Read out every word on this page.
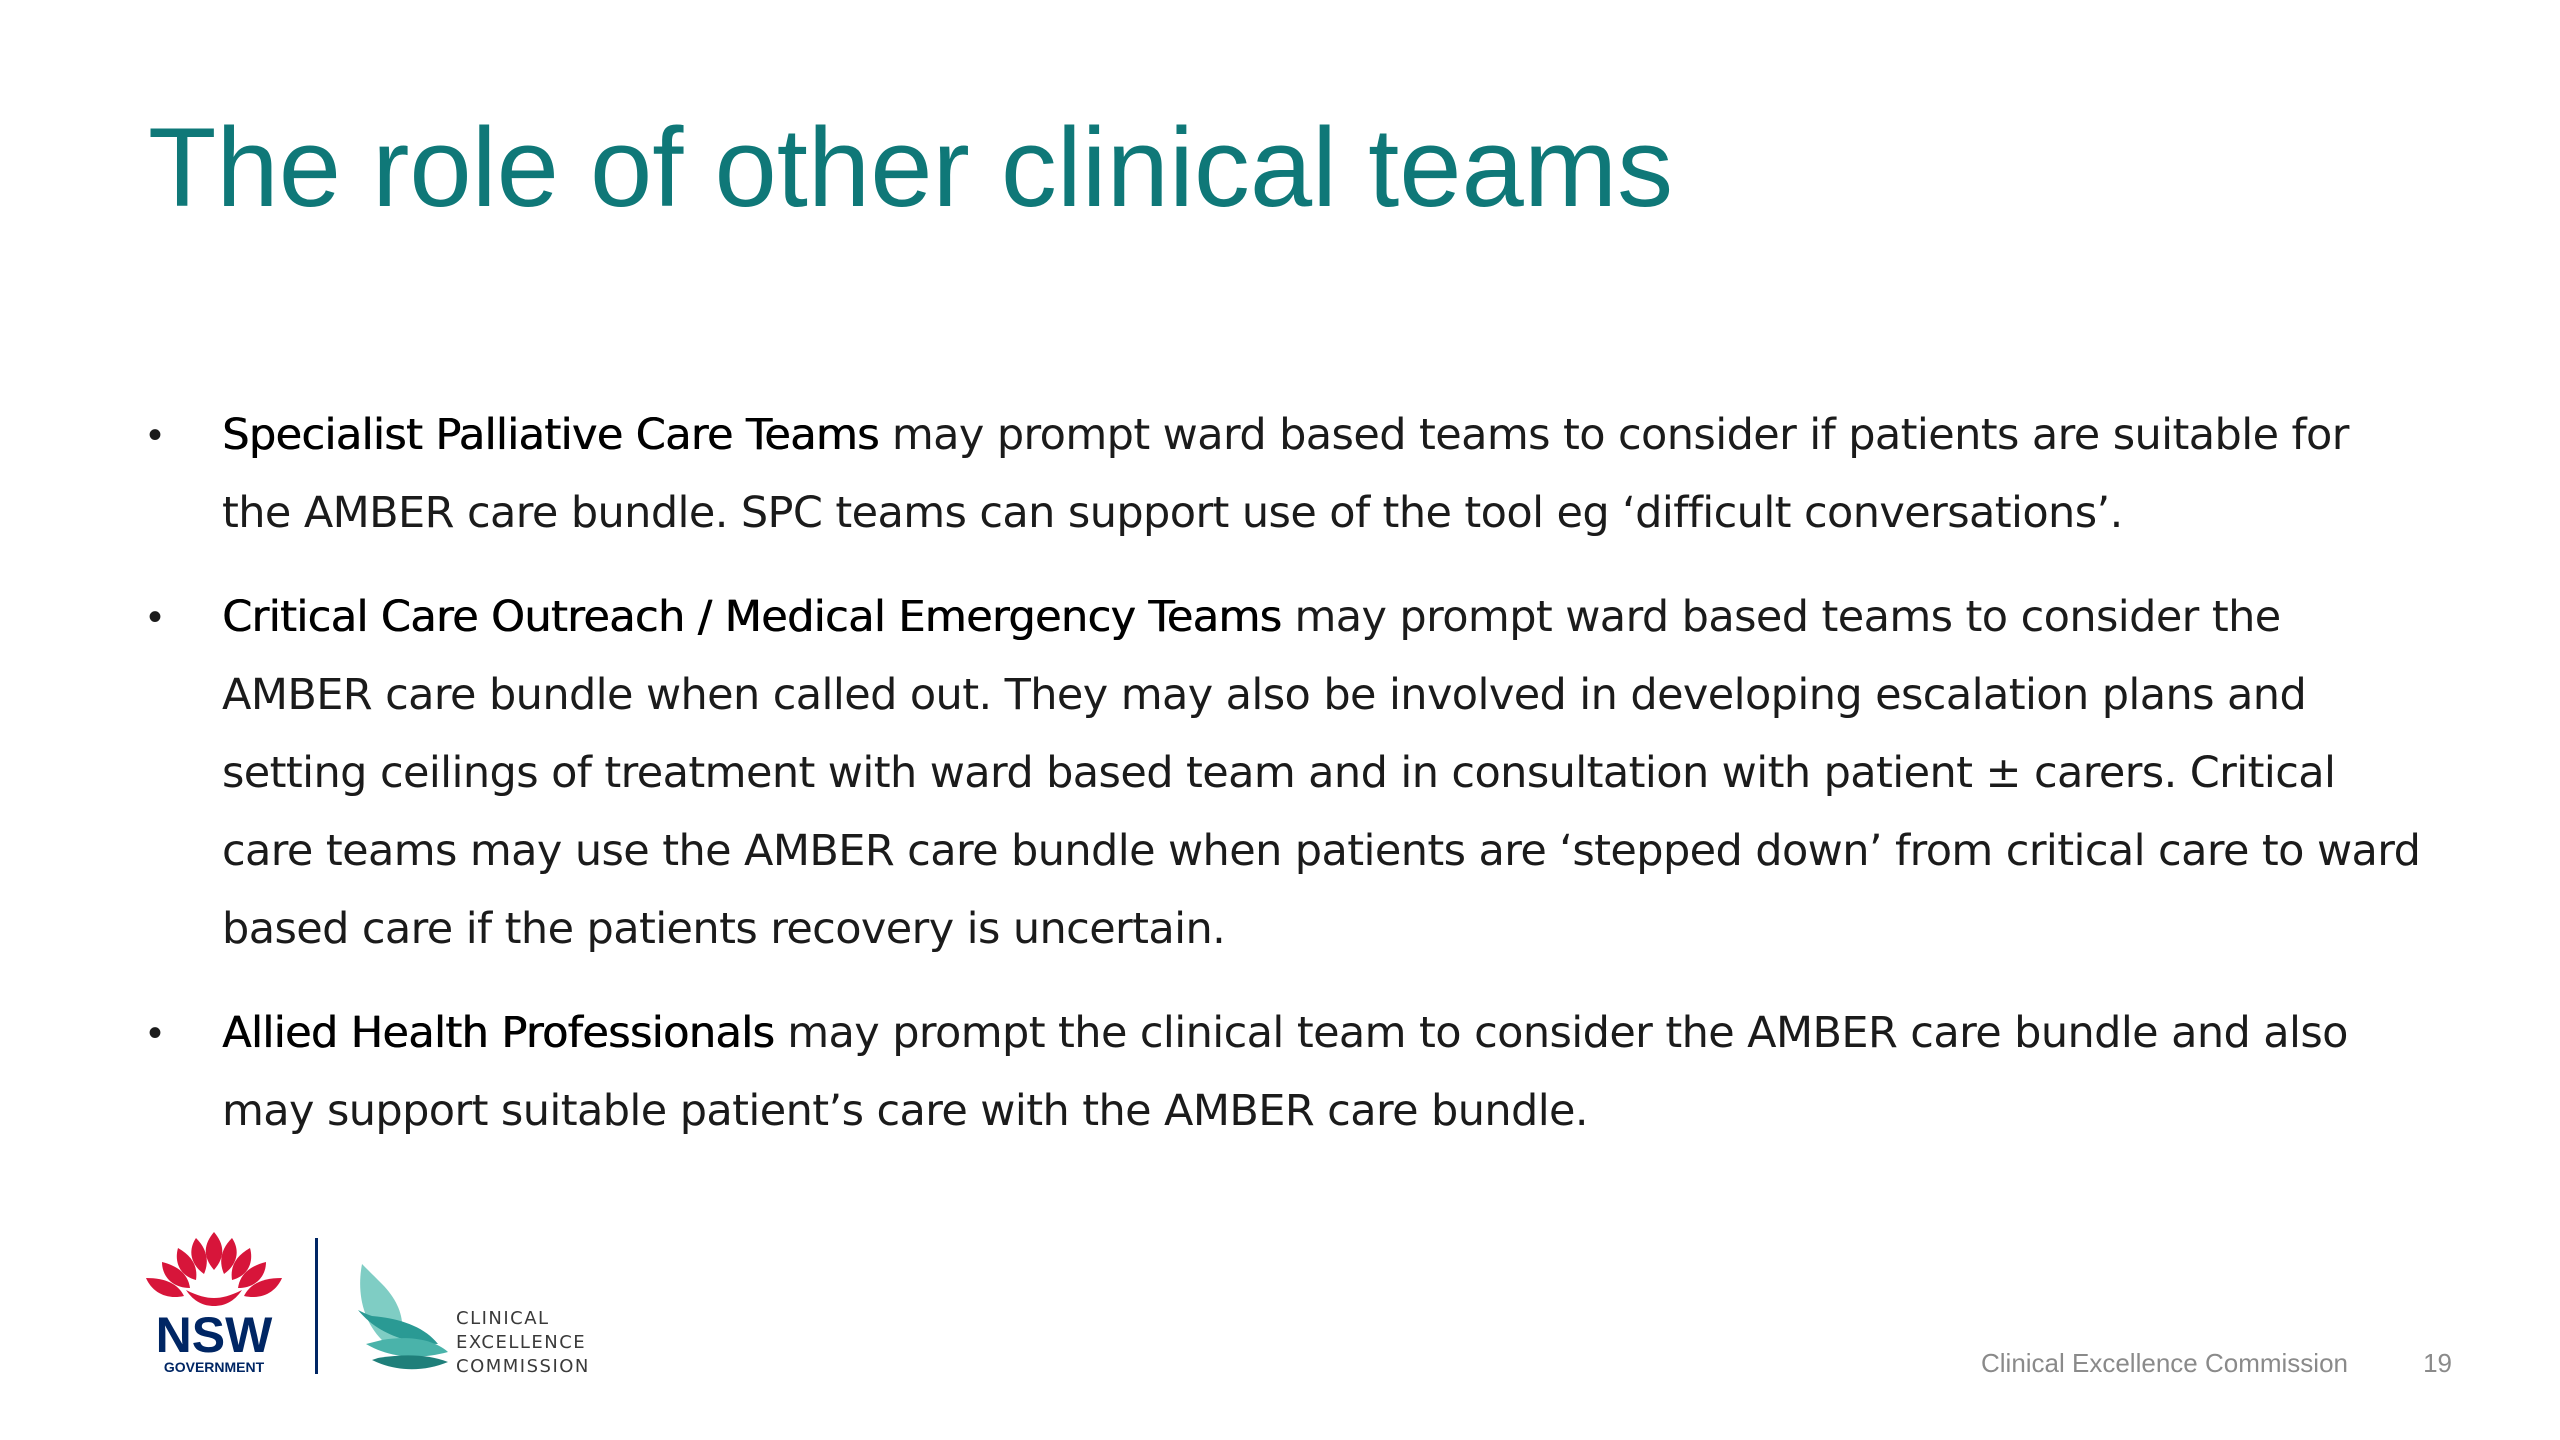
The role of other clinical teams
•	Specialist Palliative Care Teams may prompt ward based teams to consider if patients are suitable for the AMBER care bundle. SPC teams can support use of the tool eg ‘difficult conversations’.
•	Critical Care Outreach / Medical Emergency Teams may prompt ward based teams to consider the AMBER care bundle when called out. They may also be involved in developing escalation plans and setting ceilings of treatment with ward based team and in consultation with patient ± carers. Critical care teams may use the AMBER care bundle when patients are ‘stepped down’ from critical care to ward based care if the patients recovery is uncertain.
•	Allied Health Professionals may prompt the clinical team to consider the AMBER care bundle and also may support suitable patient’s care with the AMBER care bundle.
NSW
GOVERNMENT
CLINICAL
EXCELLENCE
COMMISSION	Clinical Excellence Commission	19
